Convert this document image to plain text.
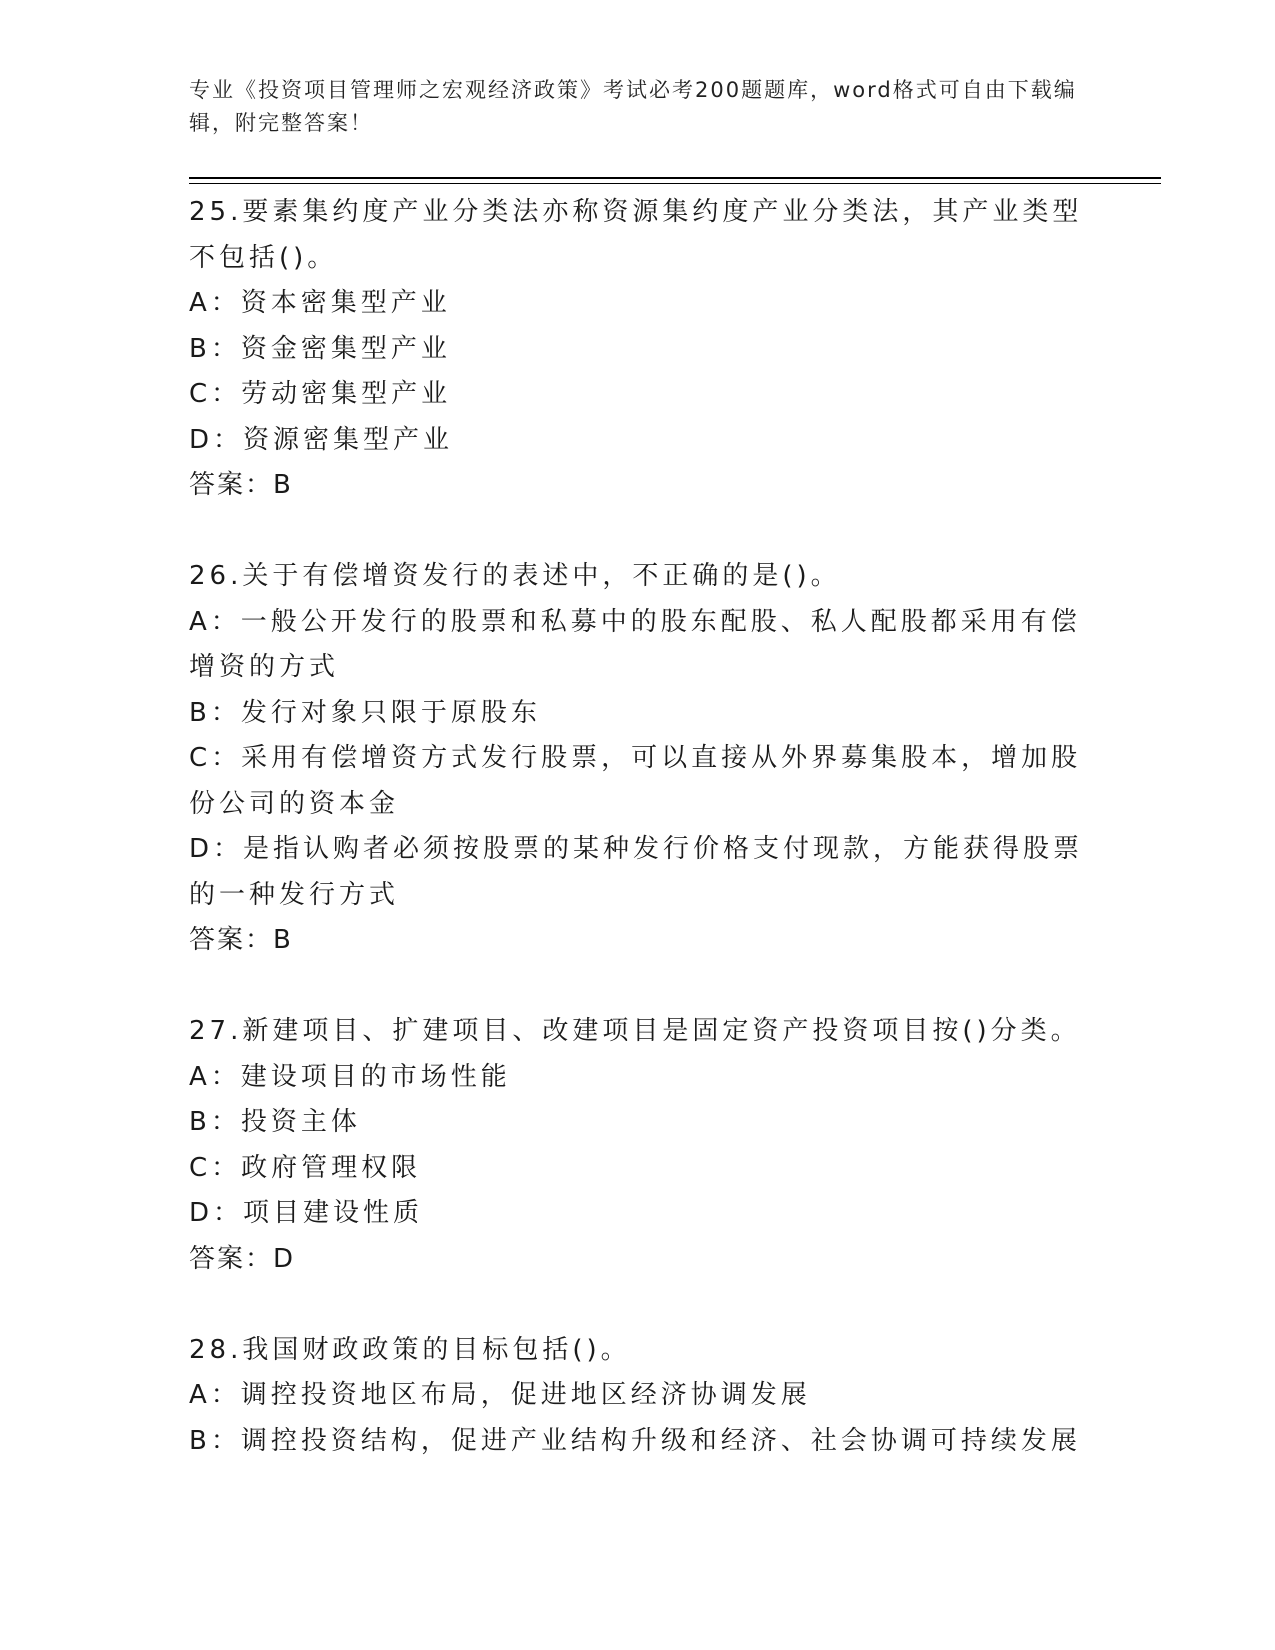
专业《投资项目管理师之宏观经济政策》考试必考200题题库，word格式可自由下载编辑，附完整答案！
25.要素集约度产业分类法亦称资源集约度产业分类法，其产业类型不包括()。
A：资本密集型产业
B：资金密集型产业
C：劳动密集型产业
D：资源密集型产业
答案：B
26.关于有偿增资发行的表述中，不正确的是()。
A：一般公开发行的股票和私募中的股东配股、私人配股都采用有偿增资的方式
B：发行对象只限于原股东
C：采用有偿增资方式发行股票，可以直接从外界募集股本，增加股份公司的资本金
D：是指认购者必须按股票的某种发行价格支付现款，方能获得股票的一种发行方式
答案：B
27.新建项目、扩建项目、改建项目是固定资产投资项目按()分类。
A：建设项目的市场性能
B：投资主体
C：政府管理权限
D：项目建设性质
答案：D
28.我国财政政策的目标包括()。
A：调控投资地区布局，促进地区经济协调发展
B：调控投资结构，促进产业结构升级和经济、社会协调可持续发展
